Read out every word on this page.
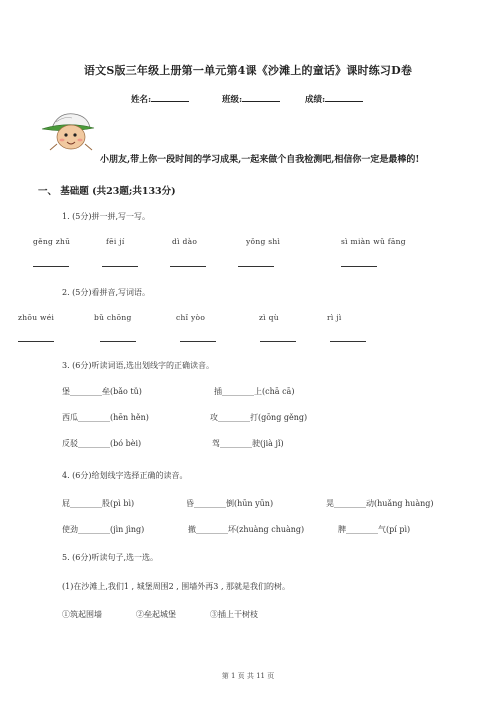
语文S版三年级上册第一单元第4课《沙滩上的童话》课时练习D卷
姓名:	班级:	成绩:
小朋友,带上你一段时间的学习成果,一起来做个自我检测吧,相信你一定是最棒的!
一、 基础题 (共23题;共133分)
1. (5分)拼一拼,写一写。
gěng zhū	fēi jí	dì dào	yǒng shì	sì miàn wǔ fāng
2. (5分)看拼音,写词语。
zhōu wéi	bǔ chōng	chǐ yòo	zì qù	rì jì
3. (6分)听读词语,选出划线字的正确读音。
堡________垒(bǎo tǔ)	插________上(chā cā)
西瓜________(hēn hěn)	攻________打(gōng gěng)
反驳________(bó bèi)	驾________驶(jià jǐ)
4. (6分)给划线字选择正确的读音。
屁________股(pì bì)	昏________倒(hūn yūn)	晃________动(huǎng huàng)
使劲________(jìn jìng)	撤________坏(zhuàng chuàng)	脾________气(pí pì)
5. (6分)听读句子,选一选。
(1)在沙滩上,我们1 , 城堡周围2 , 围墙外再3 , 那就是我们的树。
①筑起围墙	②垒起城堡	③插上干树枝
第 1 页 共 11 页
